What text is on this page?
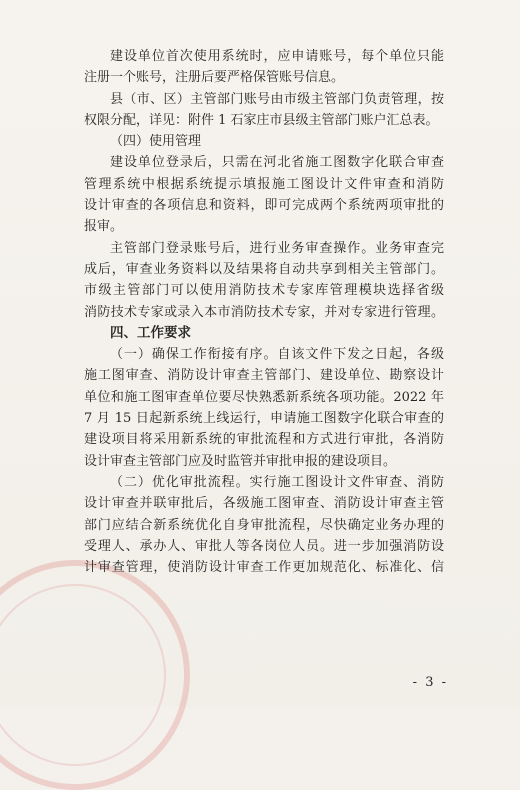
建设单位首次使用系统时，应申请账号，每个单位只能
注册一个账号，注册后要严格保管账号信息。
县（市、区）主管部门账号由市级主管部门负责管理，按
权限分配，详见：附件 1 石家庄市县级主管部门账户汇总表。
（四）使用管理
建设单位登录后，只需在河北省施工图数字化联合审查
管理系统中根据系统提示填报施工图设计文件审查和消防
设计审查的各项信息和资料，即可完成两个系统两项审批的
报审。
主管部门登录账号后，进行业务审查操作。业务审查完
成后，审查业务资料以及结果将自动共享到相关主管部门。
市级主管部门可以使用消防技术专家库管理模块选择省级
消防技术专家或录入本市消防技术专家，并对专家进行管理。
四、工作要求
（一）确保工作衔接有序。自该文件下发之日起，各级
施工图审查、消防设计审查主管部门、建设单位、勘察设计
单位和施工图审查单位要尽快熟悉新系统各项功能。2022 年
7 月 15 日起新系统上线运行，申请施工图数字化联合审查的
建设项目将采用新系统的审批流程和方式进行审批，各消防
设计审查主管部门应及时监管并审批申报的建设项目。
（二）优化审批流程。实行施工图设计文件审查、消防
设计审查并联审批后，各级施工图审查、消防设计审查主管
部门应结合新系统优化自身审批流程，尽快确定业务办理的
受理人、承办人、审批人等各岗位人员。进一步加强消防设
计审查管理，使消防设计审查工作更加规范化、标准化、信
- 3 -
